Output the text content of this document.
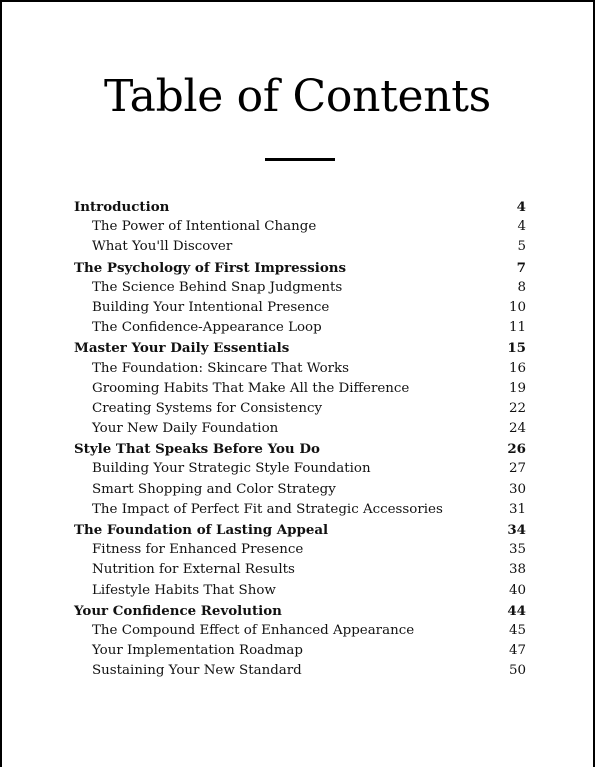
Table of Contents
Introduction	4
The Power of Intentional Change	4
What You'll Discover	5
The Psychology of First Impressions	7
The Science Behind Snap Judgments	8
Building Your Intentional Presence	10
The Confidence-Appearance Loop	11
Master Your Daily Essentials	15
The Foundation: Skincare That Works	16
Grooming Habits That Make All the Difference	19
Creating Systems for Consistency	22
Your New Daily Foundation	24
Style That Speaks Before You Do	26
Building Your Strategic Style Foundation	27
Smart Shopping and Color Strategy	30
The Impact of Perfect Fit and Strategic Accessories	31
The Foundation of Lasting Appeal	34
Fitness for Enhanced Presence	35
Nutrition for External Results	38
Lifestyle Habits That Show	40
Your Confidence Revolution	44
The Compound Effect of Enhanced Appearance	45
Your Implementation Roadmap	47
Sustaining Your New Standard	50
